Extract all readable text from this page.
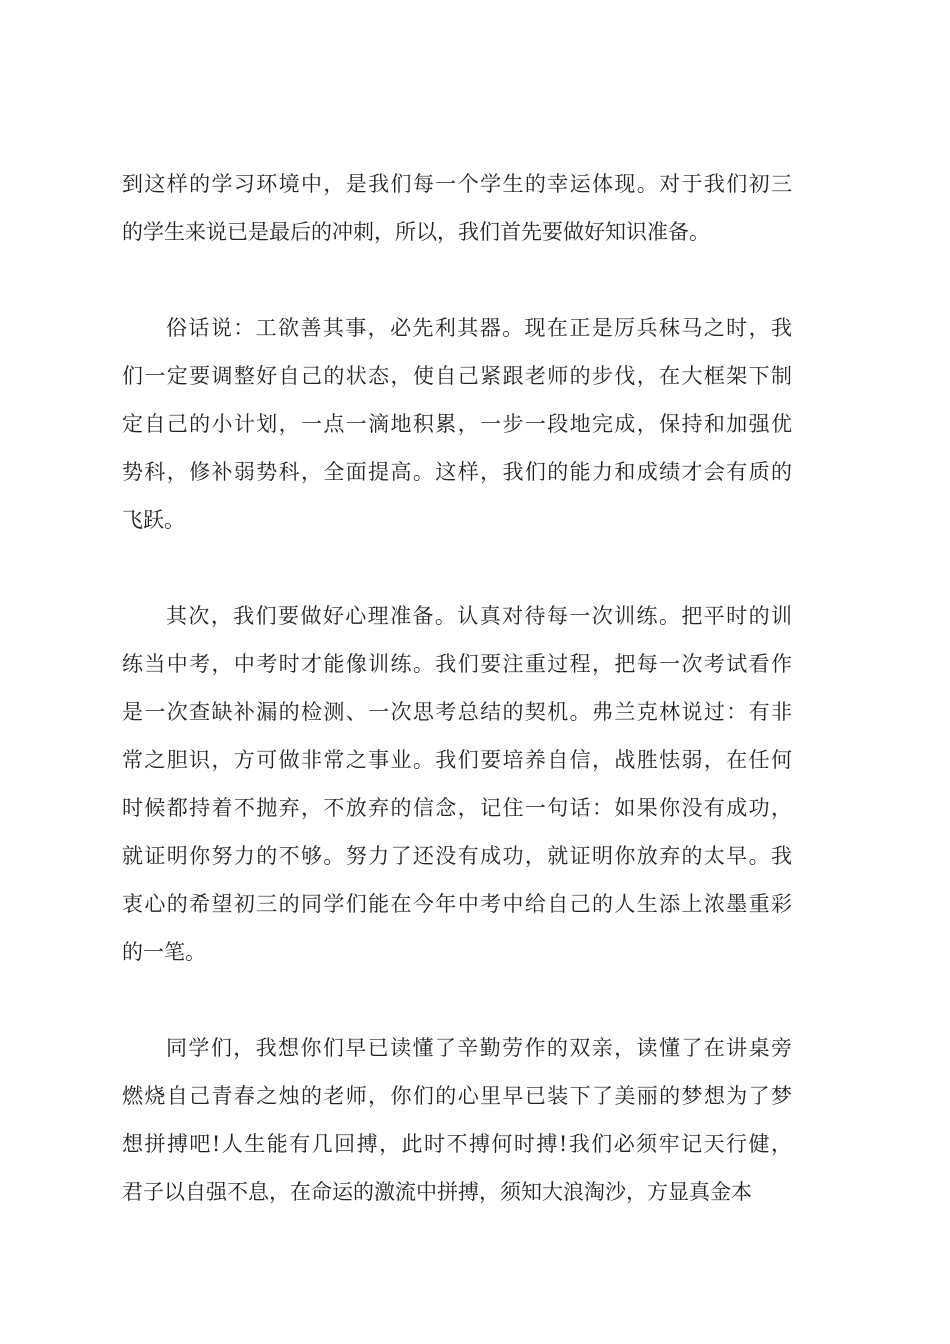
到这样的学习环境中，是我们每一个学生的幸运体现。对于我们初三
的学生来说已是最后的冲刺，所以，我们首先要做好知识准备。
俗话说：工欲善其事，必先利其器。现在正是厉兵秣马之时，我
们一定要调整好自己的状态，使自己紧跟老师的步伐，在大框架下制
定自己的小计划，一点一滴地积累，一步一段地完成，保持和加强优
势科，修补弱势科，全面提高。这样，我们的能力和成绩才会有质的
飞跃。
其次，我们要做好心理准备。认真对待每一次训练。把平时的训
练当中考，中考时才能像训练。我们要注重过程，把每一次考试看作
是一次查缺补漏的检测、一次思考总结的契机。弗兰克林说过：有非
常之胆识，方可做非常之事业。我们要培养自信，战胜怯弱，在任何
时候都持着不抛弃，不放弃的信念，记住一句话：如果你没有成功，
就证明你努力的不够。努力了还没有成功，就证明你放弃的太早。我
衷心的希望初三的同学们能在今年中考中给自己的人生添上浓墨重彩
的一笔。
同学们，我想你们早已读懂了辛勤劳作的双亲，读懂了在讲桌旁
燃烧自己青春之烛的老师，你们的心里早已装下了美丽的梦想为了梦
想拼搏吧!人生能有几回搏，此时不搏何时搏!我们必须牢记天行健，
君子以自强不息，在命运的激流中拼搏，须知大浪淘沙，方显真金本
